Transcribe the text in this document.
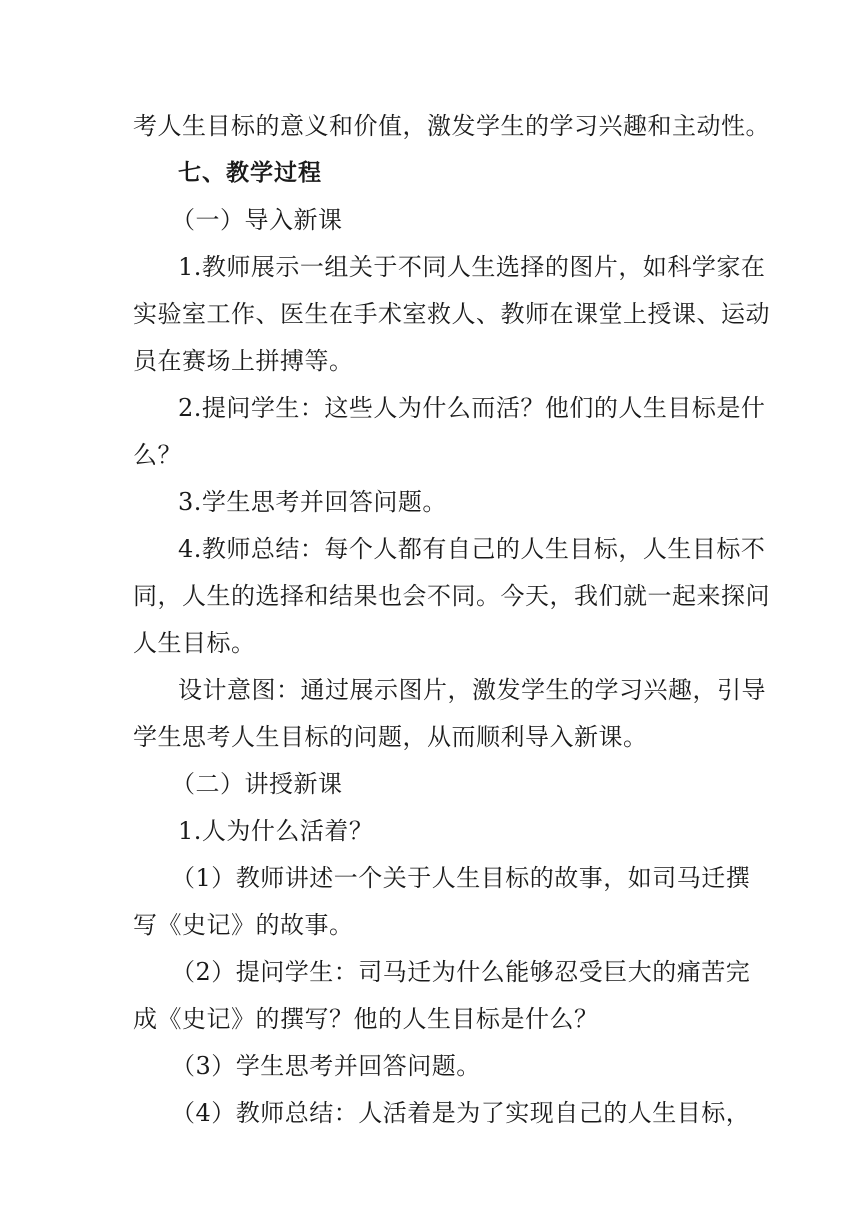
考人生目标的意义和价值，激发学生的学习兴趣和主动性。
七、教学过程
（一）导入新课
1.教师展示一组关于不同人生选择的图片，如科学家在
实验室工作、医生在手术室救人、教师在课堂上授课、运动
员在赛场上拼搏等。
2.提问学生：这些人为什么而活？他们的人生目标是什
么？
3.学生思考并回答问题。
4.教师总结：每个人都有自己的人生目标，人生目标不
同，人生的选择和结果也会不同。今天，我们就一起来探问
人生目标。
设计意图：通过展示图片，激发学生的学习兴趣，引导
学生思考人生目标的问题，从而顺利导入新课。
（二）讲授新课
1.人为什么活着？
（1）教师讲述一个关于人生目标的故事，如司马迁撰
写《史记》的故事。
（2）提问学生：司马迁为什么能够忍受巨大的痛苦完
成《史记》的撰写？他的人生目标是什么？
（3）学生思考并回答问题。
（4）教师总结：人活着是为了实现自己的人生目标，
